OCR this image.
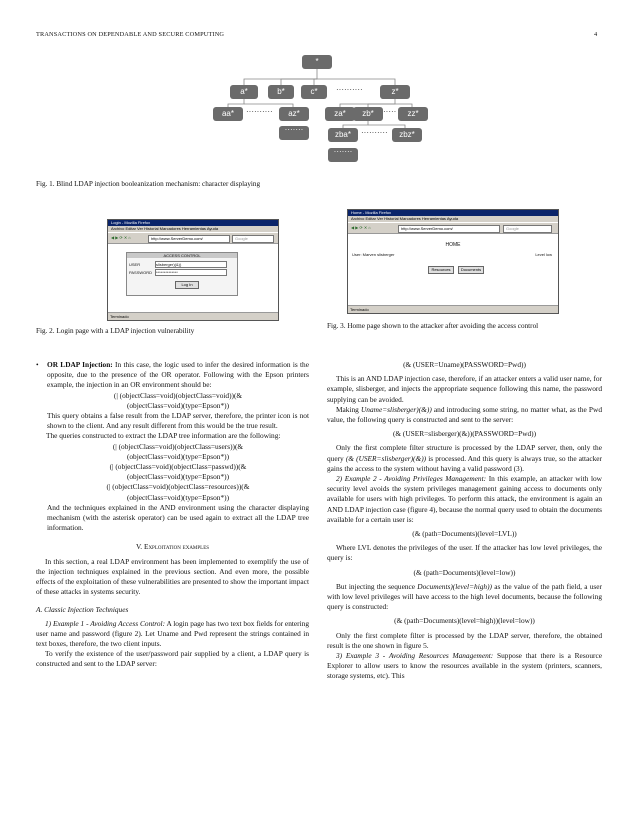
TRANSACTIONS ON DEPENDABLE AND SECURE COMPUTING	4
*
a*	b*	c*	··········	z*
aa*	··········	az*	za*	zb*	·····	zz*
·······
zba*	··········	zbz*
·······
Fig. 1. Blind LDAP injection booleanization mechanism: character displaying
Login - Mozilla Firefox
Archivo Editar Ver Historial Marcadores Herramientas Ayuda
◀ ▶ ⟳ ✕ ⌂	http://www.ServerDemo.com/	Google
ACCESS CONTROL
USER	slisberger)(&))
PASSWORD **************
Log In
Terminado
Fig. 2. Login page with a LDAP injection vulnerability
Home - Mozilla Firefox
Archivo Editar Ver Historial Marcadores Herramientas Ayuda
◀ ▶ ⟳ ✕ ⌂	http://www.ServerDemo.com/	Google
HOME
User: Marven slisberger	Level low
Resources	Documents
Terminado
Fig. 3. Home page shown to the attacker after avoiding the access control

• OR LDAP Injection: In this case, the logic used to infer the desired information is the opposite, due to the presence of the OR operator. Following with the Epson printers example, the injection in an OR environment should be:

(| (objectClass=void)(objectClass=void))(&

(objectClass=void)(type=Epson*))

This query obtains a false result from the LDAP server, therefore, the printer icon is not shown to the client. And any result different from this would be the true result.

The queries constructed to extract the LDAP tree information are the following:

(| (objectClass=void)(objectClass=users))(&

(objectClass=void)(type=Epson*))

(| (objectClass=void)(objectClass=passwd))(&

(objectClass=void)(type=Epson*))

(| (objectClass=void)(objectClass=resources))(&

(objectClass=void)(type=Epson*))

And the techniques explained in the AND environment using the character displaying mechanism (with the asterisk operator) can be used again to extract all the LDAP tree information.

V. Exploitation examples

In this section, a real LDAP environment has been implemented to exemplify the use of the injection techniques explained in the previous section. And even more, the possible effects of the exploitation of these vulnerabilities are presented to show the important impact of these attacks in systems security.

A. Classic Injection Techniques

1) Example 1 - Avoiding Access Control: A login page has two text box fields for entering user name and password (figure 2). Let Uname and Pwd represent the strings contained in text boxes, therefore, the two client inputs.

To verify the existence of the user/password pair supplied by a client, a LDAP query is constructed and sent to the LDAP server:

(& (USER=Uname)(PASSWORD=Pwd))

This is an AND LDAP injection case, therefore, if an attacker enters a valid user name, for example, slisberger, and injects the appropriate sequence following this name, the password supplying can be avoided.

Making Uname=slisberger)(&)) and introducing some string, no matter what, as the Pwd value, the following query is constructed and sent to the server:

(& (USER=slisberger)(&))(PASSWORD=Pwd))

Only the first complete filter structure is processed by the LDAP server, then, only the query (& (USER=slisberger)(&)) is processed. And this query is always true, so the attacker gains the access to the system without having a valid password (3).

2) Example 2 - Avoiding Privileges Management: In this example, an attacker with low security level avoids the system privileges management gaining access to documents only available for users with high privileges. To perform this attack, the environment is again an AND LDAP injection case (figure 4), because the normal query used to obtain the documents available for a certain user is:

(& (path=Documents)(level=LVL))

Where LVL denotes the privileges of the user. If the attacker has low level privileges, the query is:

(& (path=Documents)(level=low))

But injecting the sequence Documents)(level=high)) as the value of the path field, a user with low level privileges will have access to the high level documents, because the following query is constructed:

(& (path=Documents)(level=high))(level=low))

Only the first complete filter is processed by the LDAP server, therefore, the obtained result is the one shown in figure 5.

3) Example 3 - Avoiding Resources Management: Suppose that there is a Resource Explorer to allow users to know the resources available in the system (printers, scanners, storage systems, etc). This
